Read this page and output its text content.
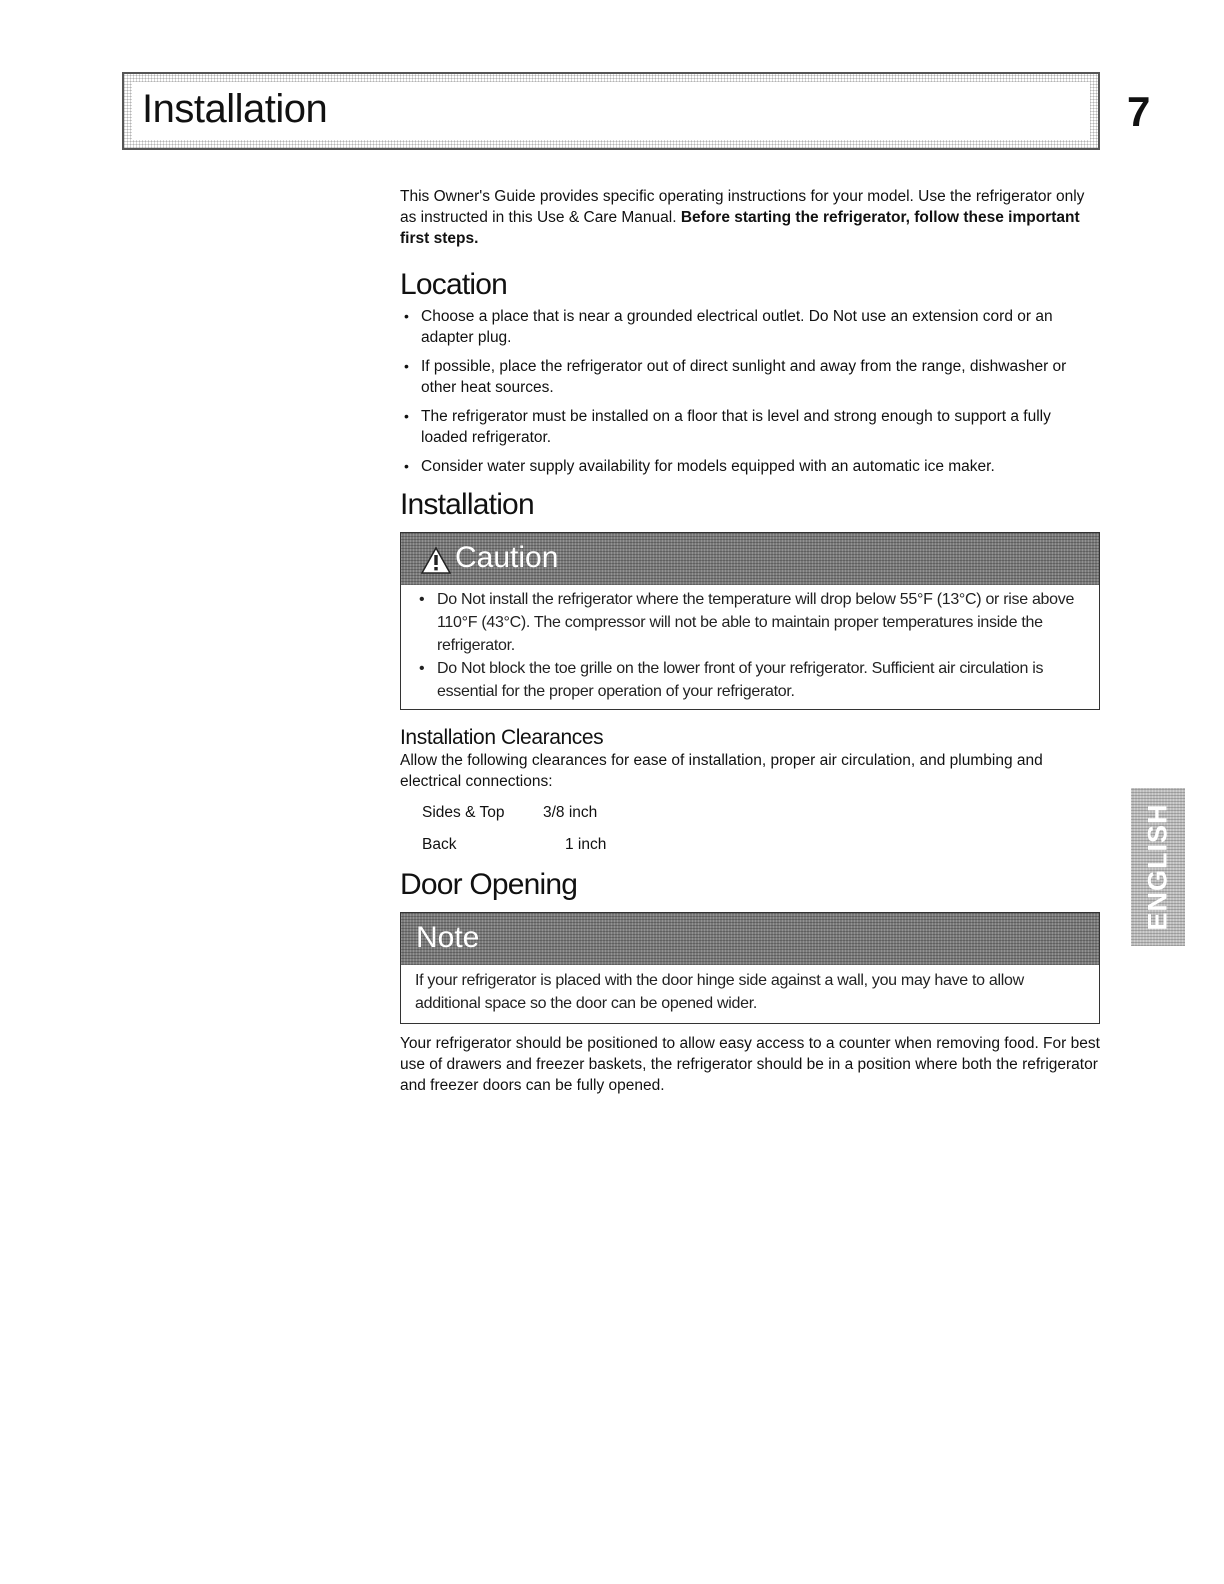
Installation	7
ENGLISH

This Owner's Guide provides specific operating instructions for your model. Use the refrigerator only as instructed in this Use & Care Manual. Before starting the refrigerator, follow these important first steps.

Location
• Choose a place that is near a grounded electrical outlet. Do Not use an extension cord or an adapter plug.
• If possible, place the refrigerator out of direct sunlight and away from the range, dishwasher or other heat sources.
• The refrigerator must be installed on a floor that is level and strong enough to support a fully loaded refrigerator.
• Consider water supply availability for models equipped with an automatic ice maker.
Installation
Caution
• Do Not install the refrigerator where the temperature will drop below 55°F (13°C) or rise above 110°F (43°C). The compressor will not be able to maintain proper temperatures inside the refrigerator.
• Do Not block the toe grille on the lower front of your refrigerator. Sufficient air circulation is essential for the proper operation of your refrigerator.
Installation Clearances

Allow the following clearances for ease of installation, proper air circulation, and plumbing and electrical connections:

Sides & Top	3/8 inch
Back	1 inch
Door Opening
Note
If your refrigerator is placed with the door hinge side against a wall, you may have to allow additional space so the door can be opened wider.

Your refrigerator should be positioned to allow easy access to a counter when removing food. For best use of drawers and freezer baskets, the refrigerator should be in a position where both the refrigerator and freezer doors can be fully opened.
